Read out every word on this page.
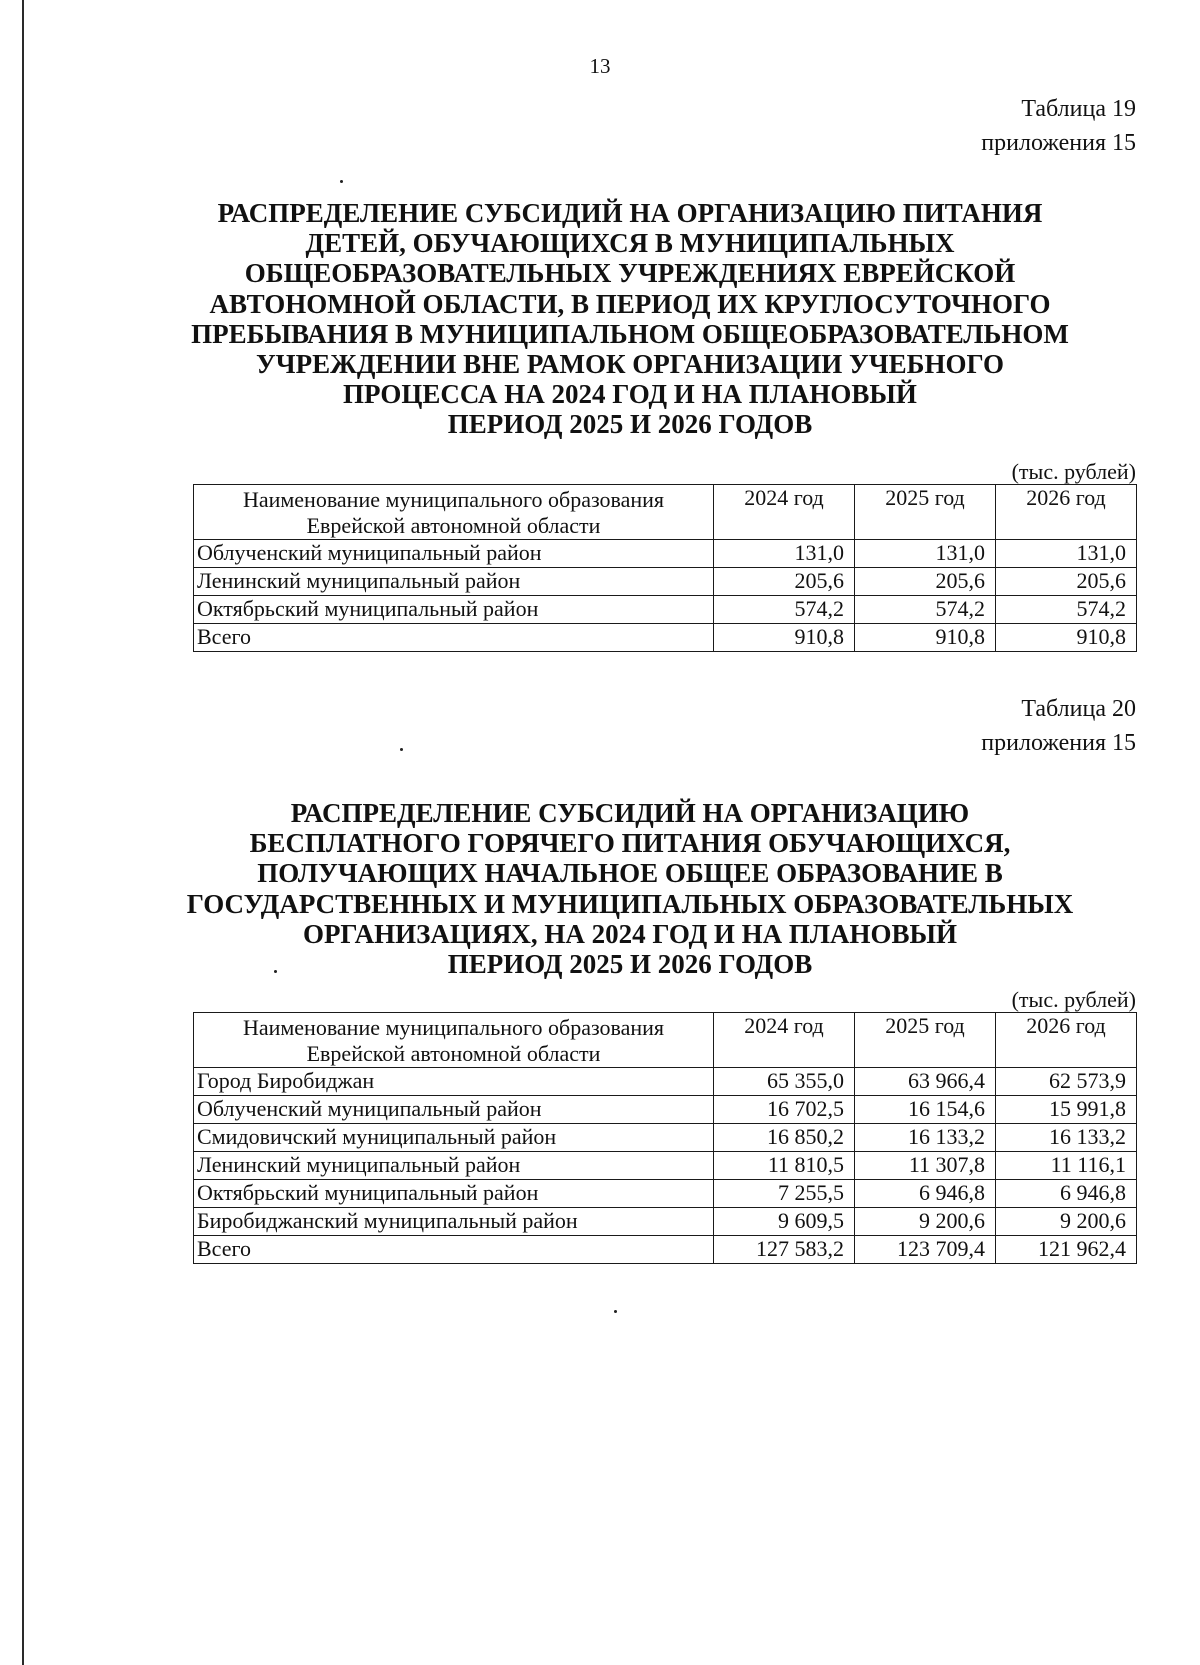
13
Таблица 19
приложения 15
РАСПРЕДЕЛЕНИЕ СУБСИДИЙ НА ОРГАНИЗАЦИЮ ПИТАНИЯ
ДЕТЕЙ, ОБУЧАЮЩИХСЯ В МУНИЦИПАЛЬНЫХ
ОБЩЕОБРАЗОВАТЕЛЬНЫХ УЧРЕЖДЕНИЯХ ЕВРЕЙСКОЙ
АВТОНОМНОЙ ОБЛАСТИ, В ПЕРИОД ИХ КРУГЛОСУТОЧНОГО
ПРЕБЫВАНИЯ В МУНИЦИПАЛЬНОМ ОБЩЕОБРАЗОВАТЕЛЬНОМ
УЧРЕЖДЕНИИ ВНЕ РАМОК ОРГАНИЗАЦИИ УЧЕБНОГО
ПРОЦЕССА НА 2024 ГОД И НА ПЛАНОВЫЙ
ПЕРИОД 2025 И 2026 ГОДОВ
(тыс. рублей)
Наименование муниципального образования Еврейской автономной области	2024 год	2025 год	2026 год
Облученский муниципальный район	131,0	131,0	131,0
Ленинский муниципальный район	205,6	205,6	205,6
Октябрьский муниципальный район	574,2	574,2	574,2
Всего	910,8	910,8	910,8
Таблица 20
приложения 15
РАСПРЕДЕЛЕНИЕ СУБСИДИЙ НА ОРГАНИЗАЦИЮ
БЕСПЛАТНОГО ГОРЯЧЕГО ПИТАНИЯ ОБУЧАЮЩИХСЯ,
ПОЛУЧАЮЩИХ НАЧАЛЬНОЕ ОБЩЕЕ ОБРАЗОВАНИЕ В
ГОСУДАРСТВЕННЫХ И МУНИЦИПАЛЬНЫХ ОБРАЗОВАТЕЛЬНЫХ
ОРГАНИЗАЦИЯХ, НА 2024 ГОД И НА ПЛАНОВЫЙ
ПЕРИОД 2025 И 2026 ГОДОВ
(тыс. рублей)
Наименование муниципального образования Еврейской автономной области	2024 год	2025 год	2026 год
Город Биробиджан	65 355,0	63 966,4	62 573,9
Облученский муниципальный район	16 702,5	16 154,6	15 991,8
Смидовичский муниципальный район	16 850,2	16 133,2	16 133,2
Ленинский муниципальный район	11 810,5	11 307,8	11 116,1
Октябрьский муниципальный район	7 255,5	6 946,8	6 946,8
Биробиджанский муниципальный район	9 609,5	9 200,6	9 200,6
Всего	127 583,2	123 709,4	121 962,4
